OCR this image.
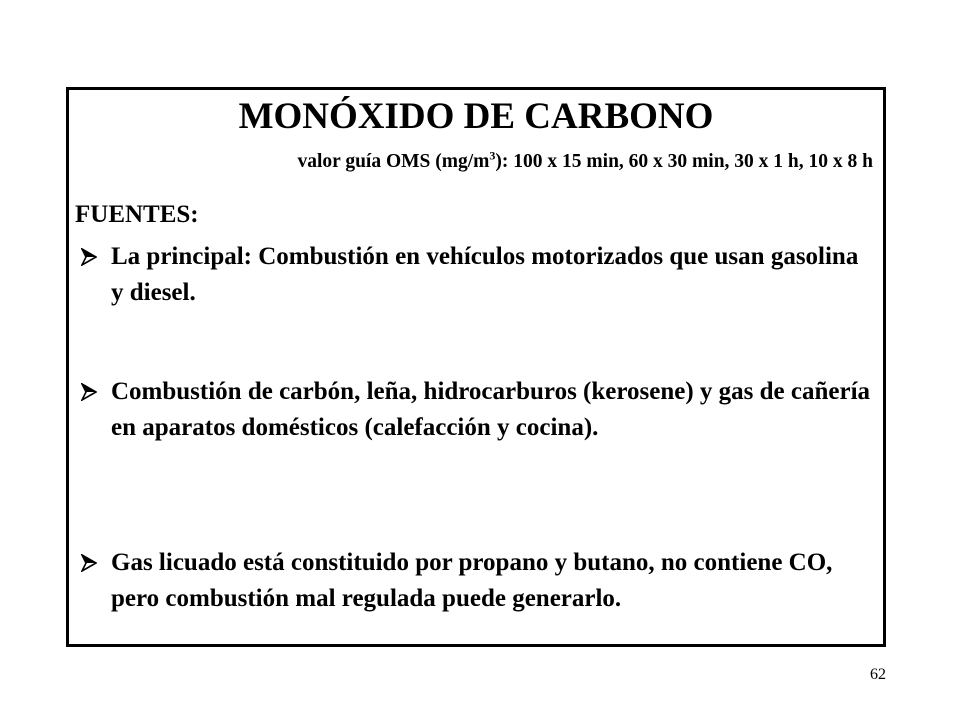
MONÓXIDO DE CARBONO
valor guía OMS $(mg/m^3)$: 100 x 15 min, 60 x 30 min, 30 x 1 h, 10 x 8 h
FUENTES:
La principal: Combustión en vehículos motorizados que usan gasolina y diesel.
Combustión de carbón, leña, hidrocarburos (kerosene) y gas de cañería en aparatos domésticos (calefacción y cocina).
Gas licuado está constituido por propano y butano, no contiene CO, pero combustión mal regulada puede generarlo.
62
